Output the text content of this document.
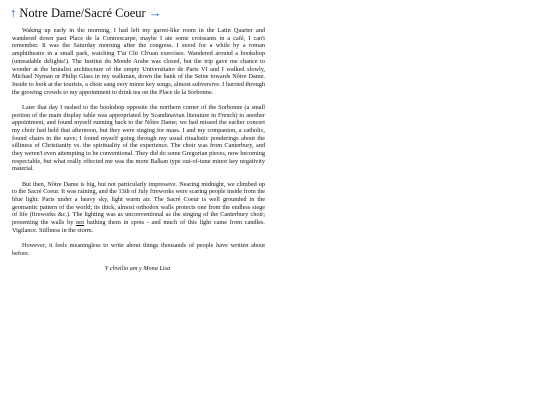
↑ Notre Dame/Sacré Coeur →

Waking up early in the morning, I had left my garret-like room in the Latin Quarter and wandered down past Place de la Contrescarpe, maybe I ate some croissants in a café, I can't remember. It was the Saturday morning after the congress. I stood for a while by a roman amphitheatre in a small park, watching T'ai Chi Ch'uan exercises. Wandered around a bookshop (unreadable delights!). The Institut du Monde Arabe was closed, but the trip gave me chance to wonder at the brutalist architecture of the empty Universitaire de Paris VI and I walked slowly, Michael Nyman or Philip Glass in my walkman, down the bank of the Seine towards Nôtre Dame. Inside to look at the tourists, a choir sang eery minor key songs, almost subversive. I hurried through the growing crowds to my appointment to drink tea on the Place de la Sorbonne.

Later that day I rushed to the bookshop opposite the northern corner of the Sorbonne (a small portion of the main display table was appropriated by Scandinavian literature in French) to another appointment, and found myself running back to the Nôtre Dame; we had missed the earlier concert my choir had held that afternoon, but they were singing for mass. I and my companion, a catholic, found chairs in the nave; I found myself going through my usual ritualistic ponderings about the silliness of Christianity vs. the spirituality of the experience. The choir was from Canterbury, and they weren't even attempting to be conventional. They did do some Gregorian pieces, now becoming respectable, but what really effected me was the more Balkan type out-of-tune minor key negativity material.

But then, Nôtre Dame is big, but not particularly impressive. Nearing midnight, we climbed up to the Sacré Coeur. It was raining, and the 13th of July fireworks were scaring people inside from the blue light: Paris under a heavy sky, light warm air. The Sacré Coeur is well grounded in the geomantic pattern of the world; its thick, almost orthodox walls protects one from the endless siege of life (fireworks &c.). The lighting was as unconventional as the singing of the Canterbury choir; presenting the walls by not bathing them in spots - and much of this light came from candles. Vigilance. Stillness in the storm.

However, it feels meaningless to write about things thousands of people have written about before.

Y chwilio am y Mona Lisa
